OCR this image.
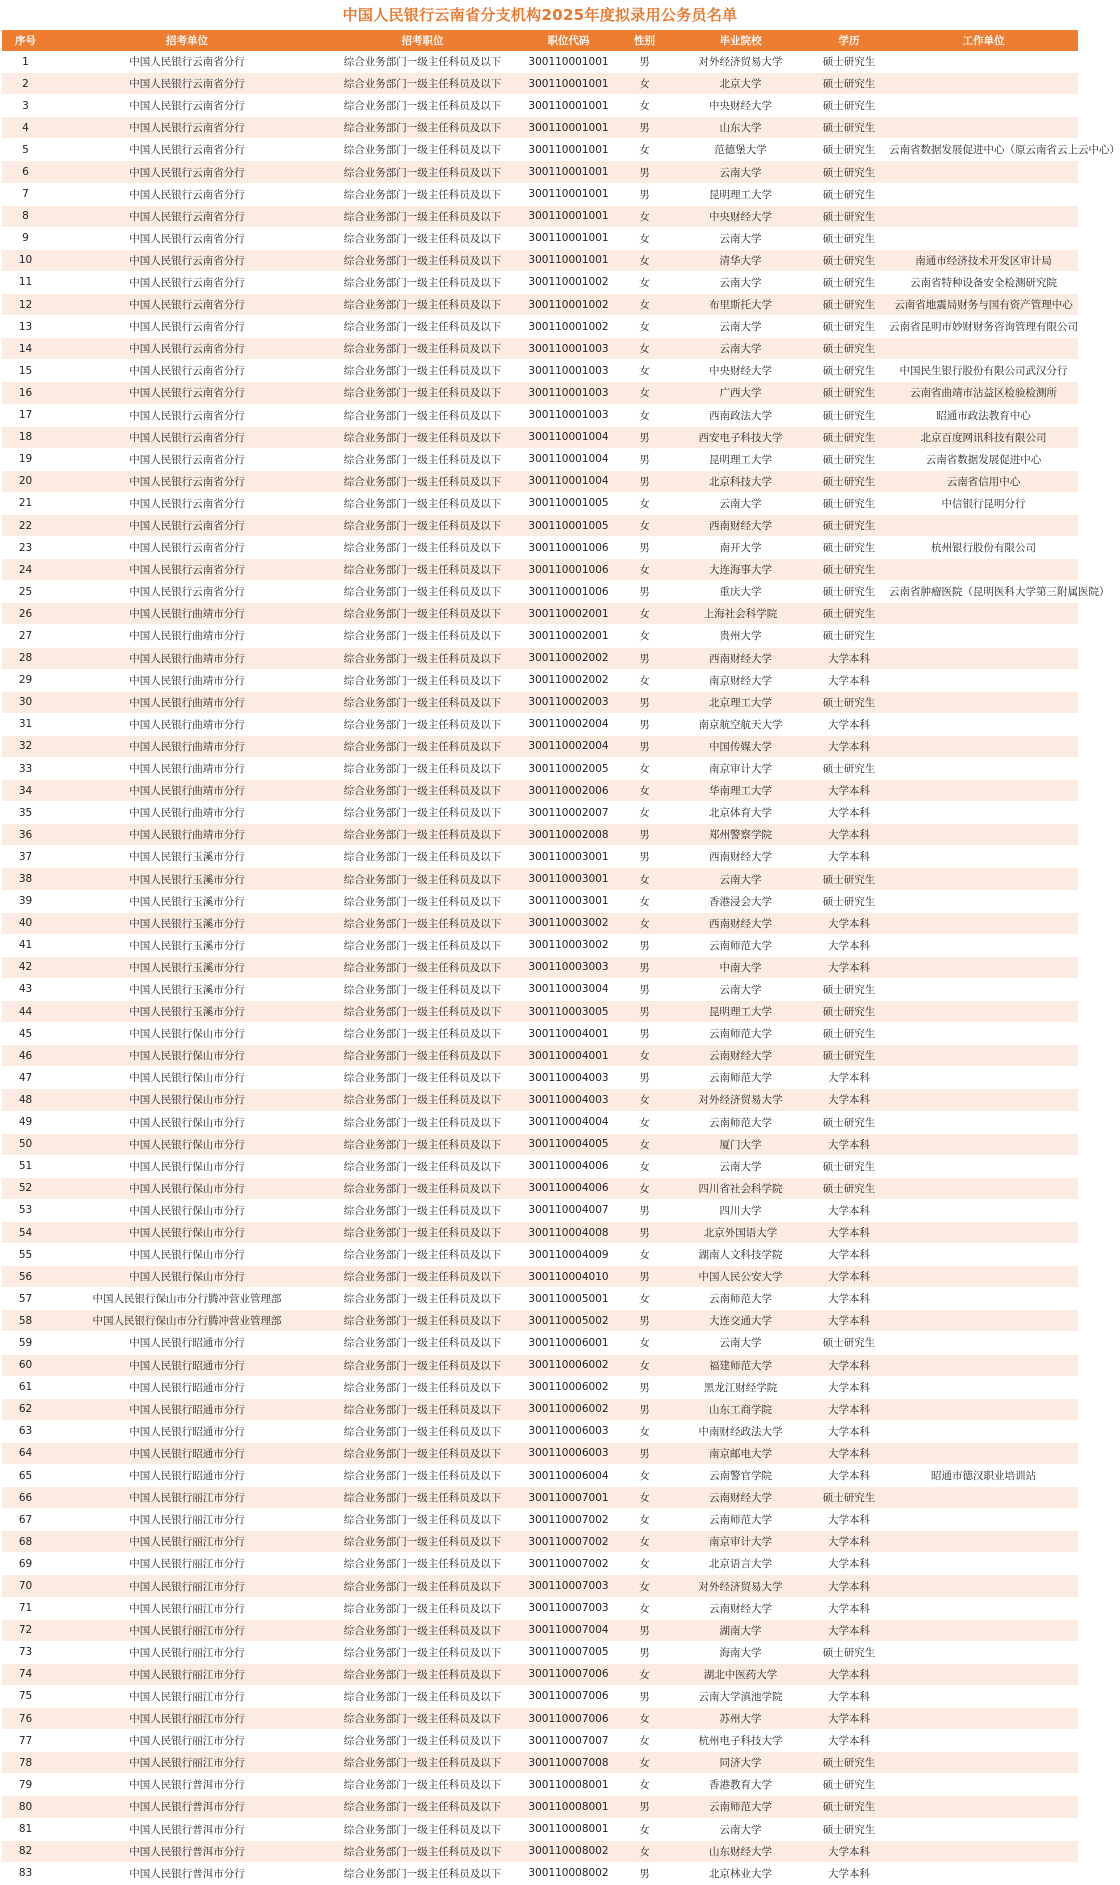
中国人民银行云南省分支机构2025年度拟录用公务员名单
序号	招考单位	招考职位	职位代码	性别	毕业院校	学历	工作单位
1	中国人民银行云南省分行	综合业务部门一级主任科员及以下	300110001001	男	对外经济贸易大学	硕士研究生	
2	中国人民银行云南省分行	综合业务部门一级主任科员及以下	300110001001	女	北京大学	硕士研究生	
3	中国人民银行云南省分行	综合业务部门一级主任科员及以下	300110001001	女	中央财经大学	硕士研究生	
4	中国人民银行云南省分行	综合业务部门一级主任科员及以下	300110001001	男	山东大学	硕士研究生	
5	中国人民银行云南省分行	综合业务部门一级主任科员及以下	300110001001	女	范德堡大学	硕士研究生	云南省数据发展促进中心（原云南省云上云中心）
6	中国人民银行云南省分行	综合业务部门一级主任科员及以下	300110001001	男	云南大学	硕士研究生	
7	中国人民银行云南省分行	综合业务部门一级主任科员及以下	300110001001	男	昆明理工大学	硕士研究生	
8	中国人民银行云南省分行	综合业务部门一级主任科员及以下	300110001001	女	中央财经大学	硕士研究生	
9	中国人民银行云南省分行	综合业务部门一级主任科员及以下	300110001001	女	云南大学	硕士研究生	
10	中国人民银行云南省分行	综合业务部门一级主任科员及以下	300110001001	女	清华大学	硕士研究生	南通市经济技术开发区审计局
11	中国人民银行云南省分行	综合业务部门一级主任科员及以下	300110001002	女	云南大学	硕士研究生	云南省特种设备安全检测研究院
12	中国人民银行云南省分行	综合业务部门一级主任科员及以下	300110001002	女	布里斯托大学	硕士研究生	云南省地震局财务与国有资产管理中心
13	中国人民银行云南省分行	综合业务部门一级主任科员及以下	300110001002	女	云南大学	硕士研究生	云南省昆明市妙财财务咨询管理有限公司
14	中国人民银行云南省分行	综合业务部门一级主任科员及以下	300110001003	女	云南大学	硕士研究生	
15	中国人民银行云南省分行	综合业务部门一级主任科员及以下	300110001003	女	中央财经大学	硕士研究生	中国民生银行股份有限公司武汉分行
16	中国人民银行云南省分行	综合业务部门一级主任科员及以下	300110001003	女	广西大学	硕士研究生	云南省曲靖市沾益区检验检测所
17	中国人民银行云南省分行	综合业务部门一级主任科员及以下	300110001003	女	西南政法大学	硕士研究生	昭通市政法教育中心
18	中国人民银行云南省分行	综合业务部门一级主任科员及以下	300110001004	男	西安电子科技大学	硕士研究生	北京百度网讯科技有限公司
19	中国人民银行云南省分行	综合业务部门一级主任科员及以下	300110001004	男	昆明理工大学	硕士研究生	云南省数据发展促进中心
20	中国人民银行云南省分行	综合业务部门一级主任科员及以下	300110001004	男	北京科技大学	硕士研究生	云南省信用中心
21	中国人民银行云南省分行	综合业务部门一级主任科员及以下	300110001005	女	云南大学	硕士研究生	中信银行昆明分行
22	中国人民银行云南省分行	综合业务部门一级主任科员及以下	300110001005	女	西南财经大学	硕士研究生	
23	中国人民银行云南省分行	综合业务部门一级主任科员及以下	300110001006	男	南开大学	硕士研究生	杭州银行股份有限公司
24	中国人民银行云南省分行	综合业务部门一级主任科员及以下	300110001006	女	大连海事大学	硕士研究生	
25	中国人民银行云南省分行	综合业务部门一级主任科员及以下	300110001006	男	重庆大学	硕士研究生	云南省肿瘤医院（昆明医科大学第三附属医院）
26	中国人民银行曲靖市分行	综合业务部门一级主任科员及以下	300110002001	女	上海社会科学院	硕士研究生	
27	中国人民银行曲靖市分行	综合业务部门一级主任科员及以下	300110002001	女	贵州大学	硕士研究生	
28	中国人民银行曲靖市分行	综合业务部门一级主任科员及以下	300110002002	男	西南财经大学	大学本科	
29	中国人民银行曲靖市分行	综合业务部门一级主任科员及以下	300110002002	女	南京财经大学	大学本科	
30	中国人民银行曲靖市分行	综合业务部门一级主任科员及以下	300110002003	男	北京理工大学	硕士研究生	
31	中国人民银行曲靖市分行	综合业务部门一级主任科员及以下	300110002004	男	南京航空航天大学	大学本科	
32	中国人民银行曲靖市分行	综合业务部门一级主任科员及以下	300110002004	男	中国传媒大学	大学本科	
33	中国人民银行曲靖市分行	综合业务部门一级主任科员及以下	300110002005	女	南京审计大学	硕士研究生	
34	中国人民银行曲靖市分行	综合业务部门一级主任科员及以下	300110002006	女	华南理工大学	大学本科	
35	中国人民银行曲靖市分行	综合业务部门一级主任科员及以下	300110002007	女	北京体育大学	大学本科	
36	中国人民银行曲靖市分行	综合业务部门一级主任科员及以下	300110002008	男	郑州警察学院	大学本科	
37	中国人民银行玉溪市分行	综合业务部门一级主任科员及以下	300110003001	男	西南财经大学	大学本科	
38	中国人民银行玉溪市分行	综合业务部门一级主任科员及以下	300110003001	女	云南大学	硕士研究生	
39	中国人民银行玉溪市分行	综合业务部门一级主任科员及以下	300110003001	女	香港浸会大学	硕士研究生	
40	中国人民银行玉溪市分行	综合业务部门一级主任科员及以下	300110003002	女	西南财经大学	大学本科	
41	中国人民银行玉溪市分行	综合业务部门一级主任科员及以下	300110003002	男	云南师范大学	大学本科	
42	中国人民银行玉溪市分行	综合业务部门一级主任科员及以下	300110003003	男	中南大学	大学本科	
43	中国人民银行玉溪市分行	综合业务部门一级主任科员及以下	300110003004	男	云南大学	硕士研究生	
44	中国人民银行玉溪市分行	综合业务部门一级主任科员及以下	300110003005	男	昆明理工大学	硕士研究生	
45	中国人民银行保山市分行	综合业务部门一级主任科员及以下	300110004001	男	云南师范大学	硕士研究生	
46	中国人民银行保山市分行	综合业务部门一级主任科员及以下	300110004001	女	云南财经大学	硕士研究生	
47	中国人民银行保山市分行	综合业务部门一级主任科员及以下	300110004003	男	云南师范大学	大学本科	
48	中国人民银行保山市分行	综合业务部门一级主任科员及以下	300110004003	女	对外经济贸易大学	大学本科	
49	中国人民银行保山市分行	综合业务部门一级主任科员及以下	300110004004	女	云南师范大学	硕士研究生	
50	中国人民银行保山市分行	综合业务部门一级主任科员及以下	300110004005	女	厦门大学	大学本科	
51	中国人民银行保山市分行	综合业务部门一级主任科员及以下	300110004006	女	云南大学	硕士研究生	
52	中国人民银行保山市分行	综合业务部门一级主任科员及以下	300110004006	女	四川省社会科学院	硕士研究生	
53	中国人民银行保山市分行	综合业务部门一级主任科员及以下	300110004007	男	四川大学	大学本科	
54	中国人民银行保山市分行	综合业务部门一级主任科员及以下	300110004008	男	北京外国语大学	大学本科	
55	中国人民银行保山市分行	综合业务部门一级主任科员及以下	300110004009	女	湖南人文科技学院	大学本科	
56	中国人民银行保山市分行	综合业务部门一级主任科员及以下	300110004010	男	中国人民公安大学	大学本科	
57	中国人民银行保山市分行腾冲营业管理部	综合业务部门一级主任科员及以下	300110005001	女	云南师范大学	大学本科	
58	中国人民银行保山市分行腾冲营业管理部	综合业务部门一级主任科员及以下	300110005002	男	大连交通大学	大学本科	
59	中国人民银行昭通市分行	综合业务部门一级主任科员及以下	300110006001	女	云南大学	硕士研究生	
60	中国人民银行昭通市分行	综合业务部门一级主任科员及以下	300110006002	女	福建师范大学	大学本科	
61	中国人民银行昭通市分行	综合业务部门一级主任科员及以下	300110006002	男	黑龙江财经学院	大学本科	
62	中国人民银行昭通市分行	综合业务部门一级主任科员及以下	300110006002	男	山东工商学院	大学本科	
63	中国人民银行昭通市分行	综合业务部门一级主任科员及以下	300110006003	女	中南财经政法大学	大学本科	
64	中国人民银行昭通市分行	综合业务部门一级主任科员及以下	300110006003	男	南京邮电大学	大学本科	
65	中国人民银行昭通市分行	综合业务部门一级主任科员及以下	300110006004	女	云南警官学院	大学本科	昭通市德汉职业培训站
66	中国人民银行丽江市分行	综合业务部门一级主任科员及以下	300110007001	女	云南财经大学	硕士研究生	
67	中国人民银行丽江市分行	综合业务部门一级主任科员及以下	300110007002	女	云南师范大学	大学本科	
68	中国人民银行丽江市分行	综合业务部门一级主任科员及以下	300110007002	女	南京审计大学	大学本科	
69	中国人民银行丽江市分行	综合业务部门一级主任科员及以下	300110007002	女	北京语言大学	大学本科	
70	中国人民银行丽江市分行	综合业务部门一级主任科员及以下	300110007003	女	对外经济贸易大学	大学本科	
71	中国人民银行丽江市分行	综合业务部门一级主任科员及以下	300110007003	女	云南财经大学	大学本科	
72	中国人民银行丽江市分行	综合业务部门一级主任科员及以下	300110007004	男	湖南大学	大学本科	
73	中国人民银行丽江市分行	综合业务部门一级主任科员及以下	300110007005	男	海南大学	硕士研究生	
74	中国人民银行丽江市分行	综合业务部门一级主任科员及以下	300110007006	女	湖北中医药大学	大学本科	
75	中国人民银行丽江市分行	综合业务部门一级主任科员及以下	300110007006	男	云南大学滇池学院	大学本科	
76	中国人民银行丽江市分行	综合业务部门一级主任科员及以下	300110007006	女	苏州大学	大学本科	
77	中国人民银行丽江市分行	综合业务部门一级主任科员及以下	300110007007	女	杭州电子科技大学	大学本科	
78	中国人民银行丽江市分行	综合业务部门一级主任科员及以下	300110007008	女	同济大学	硕士研究生	
79	中国人民银行普洱市分行	综合业务部门一级主任科员及以下	300110008001	女	香港教育大学	硕士研究生	
80	中国人民银行普洱市分行	综合业务部门一级主任科员及以下	300110008001	男	云南师范大学	硕士研究生	
81	中国人民银行普洱市分行	综合业务部门一级主任科员及以下	300110008001	女	云南大学	硕士研究生	
82	中国人民银行普洱市分行	综合业务部门一级主任科员及以下	300110008002	女	山东财经大学	大学本科	
83	中国人民银行普洱市分行	综合业务部门一级主任科员及以下	300110008002	男	北京林业大学	大学本科	
